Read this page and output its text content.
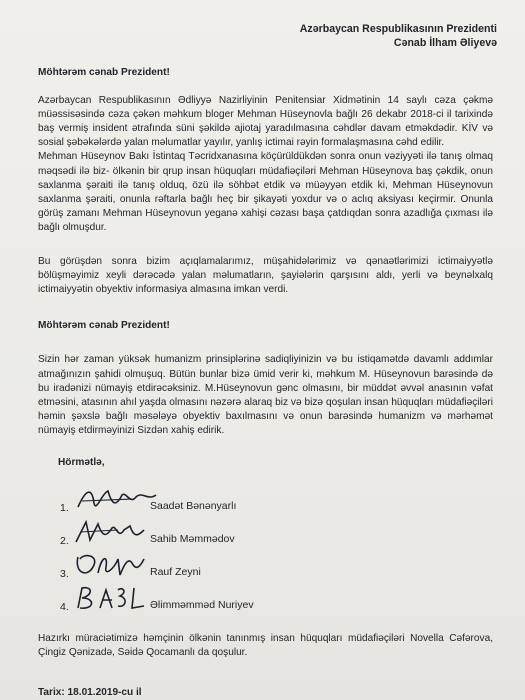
Azərbaycan Respublikasının Prezidenti
Cənab İlham Əliyevə
Möhtərəm cənab Prezident!

Azərbaycan Respublikasının Ədliyyə Nazirliyinin Penitensiar Xidmətinin 14 saylı cəza çəkmə müəssisəsində cəza çəkən məhkum bloger Mehman Hüseynovla bağlı 26 dekabr 2018-ci il tarixində baş vermiş insident ətrafında süni şəkildə ajiotaj yaradılmasına cəhdlər davam etməkdədir. KİV və sosial şəbəkələrdə yalan məlumatlar yayılır, yanlış ictimai rəyin formalaşmasına cəhd edilir.

Mehman Hüseynov Bakı İstintaq Təcridxanasına köçürüldükdən sonra onun vəziyyəti ilə tanış olmaq məqsədi ilə biz- ölkənin bir qrup insan hüquqları müdafiəçiləri Mehman Hüseynova baş çəkdik, onun saxlanma şəraiti ilə tanış olduq, özü ilə söhbət etdik və müəyyən etdik ki, Mehman Hüseynovun saxlanma şəraiti, onunla rəftarla bağlı heç bir şikayəti yoxdur və o aclıq aksiyası keçirmir. Onunla görüş zamanı Mehman Hüseynovun yeganə xahişi cəzası başa çatdıqdan sonra azadlığa çıxması ilə bağlı olmuşdur.

Bu görüşdən sonra bizim açıqlamalarımız, müşahidələrimiz və qənaətlərimizi ictimaiyyətlə bölüşməyimiz xeyli dərəcədə yalan məlumatların, şayiələrin qarşısını aldı, yerli və beynəlxalq ictimaiyyətin obyektiv informasiya almasına imkan verdi.

Möhtərəm cənab Prezident!

Sizin hər zaman yüksək humanizm prinsiplərinə sadiqliyinizin və bu istiqamətdə davamlı addımlar atmağınızın şahidi olmuşuq. Bütün bunlar bizə ümid verir ki, məhkum M. Hüseynovun barəsində də bu iradənizi nümayiş etdirəcəksiniz. M.Hüseynovun gənc olmasını, bir müddət əvvəl anasının vəfat etməsini, atasının ahıl yaşda olmasını nəzərə alaraq biz və bizə qoşulan insan hüquqları müdafiəçiləri həmin şəxslə bağlı məsələyə obyektiv baxılmasını və onun barəsində humanizm və mərhəmət nümayiş etdirməyinizi Sizdən xahiş edirik.

Hörmətlə,
1.	Saadət Bənənyarlı
2.	Sahib Məmmədov
3.	Rauf Zeyni
4.	Əlimməmməd Nuriyev

Hazırkı müraciətimizə həmçinin ölkənin tanınmış insan hüquqları müdafiəçiləri Novella Cəfərova, Çingiz Qənizadə, Səidə Qocamanlı da qoşulur.

Tarix: 18.01.2019-cu il
